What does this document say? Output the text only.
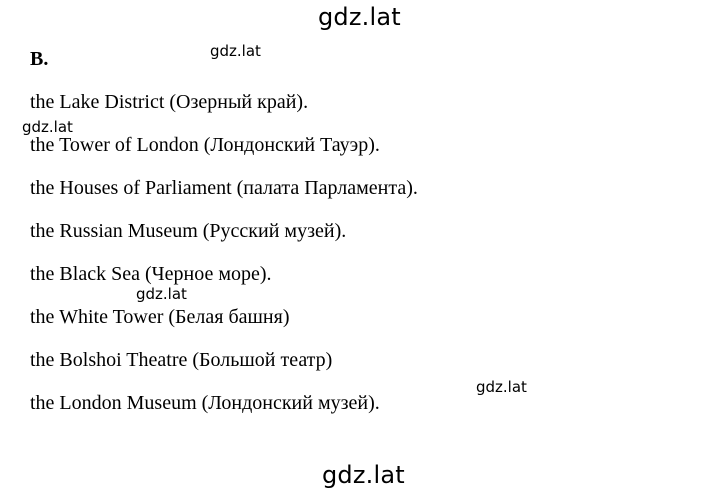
gdz.lat
B.
the Lake District (Озерный край).
the Tower of London (Лондонский Тауэр).
the Houses of Parliament (палата Парламента).
the Russian Museum (Русский музей).
the Black Sea (Черное море).
the White Tower (Белая башня)
the Bolshoi Theatre (Большой театр)
the London Museum (Лондонский музей).
gdz.lat
gdz.lat
gdz.lat
gdz.lat
gdz.lat
